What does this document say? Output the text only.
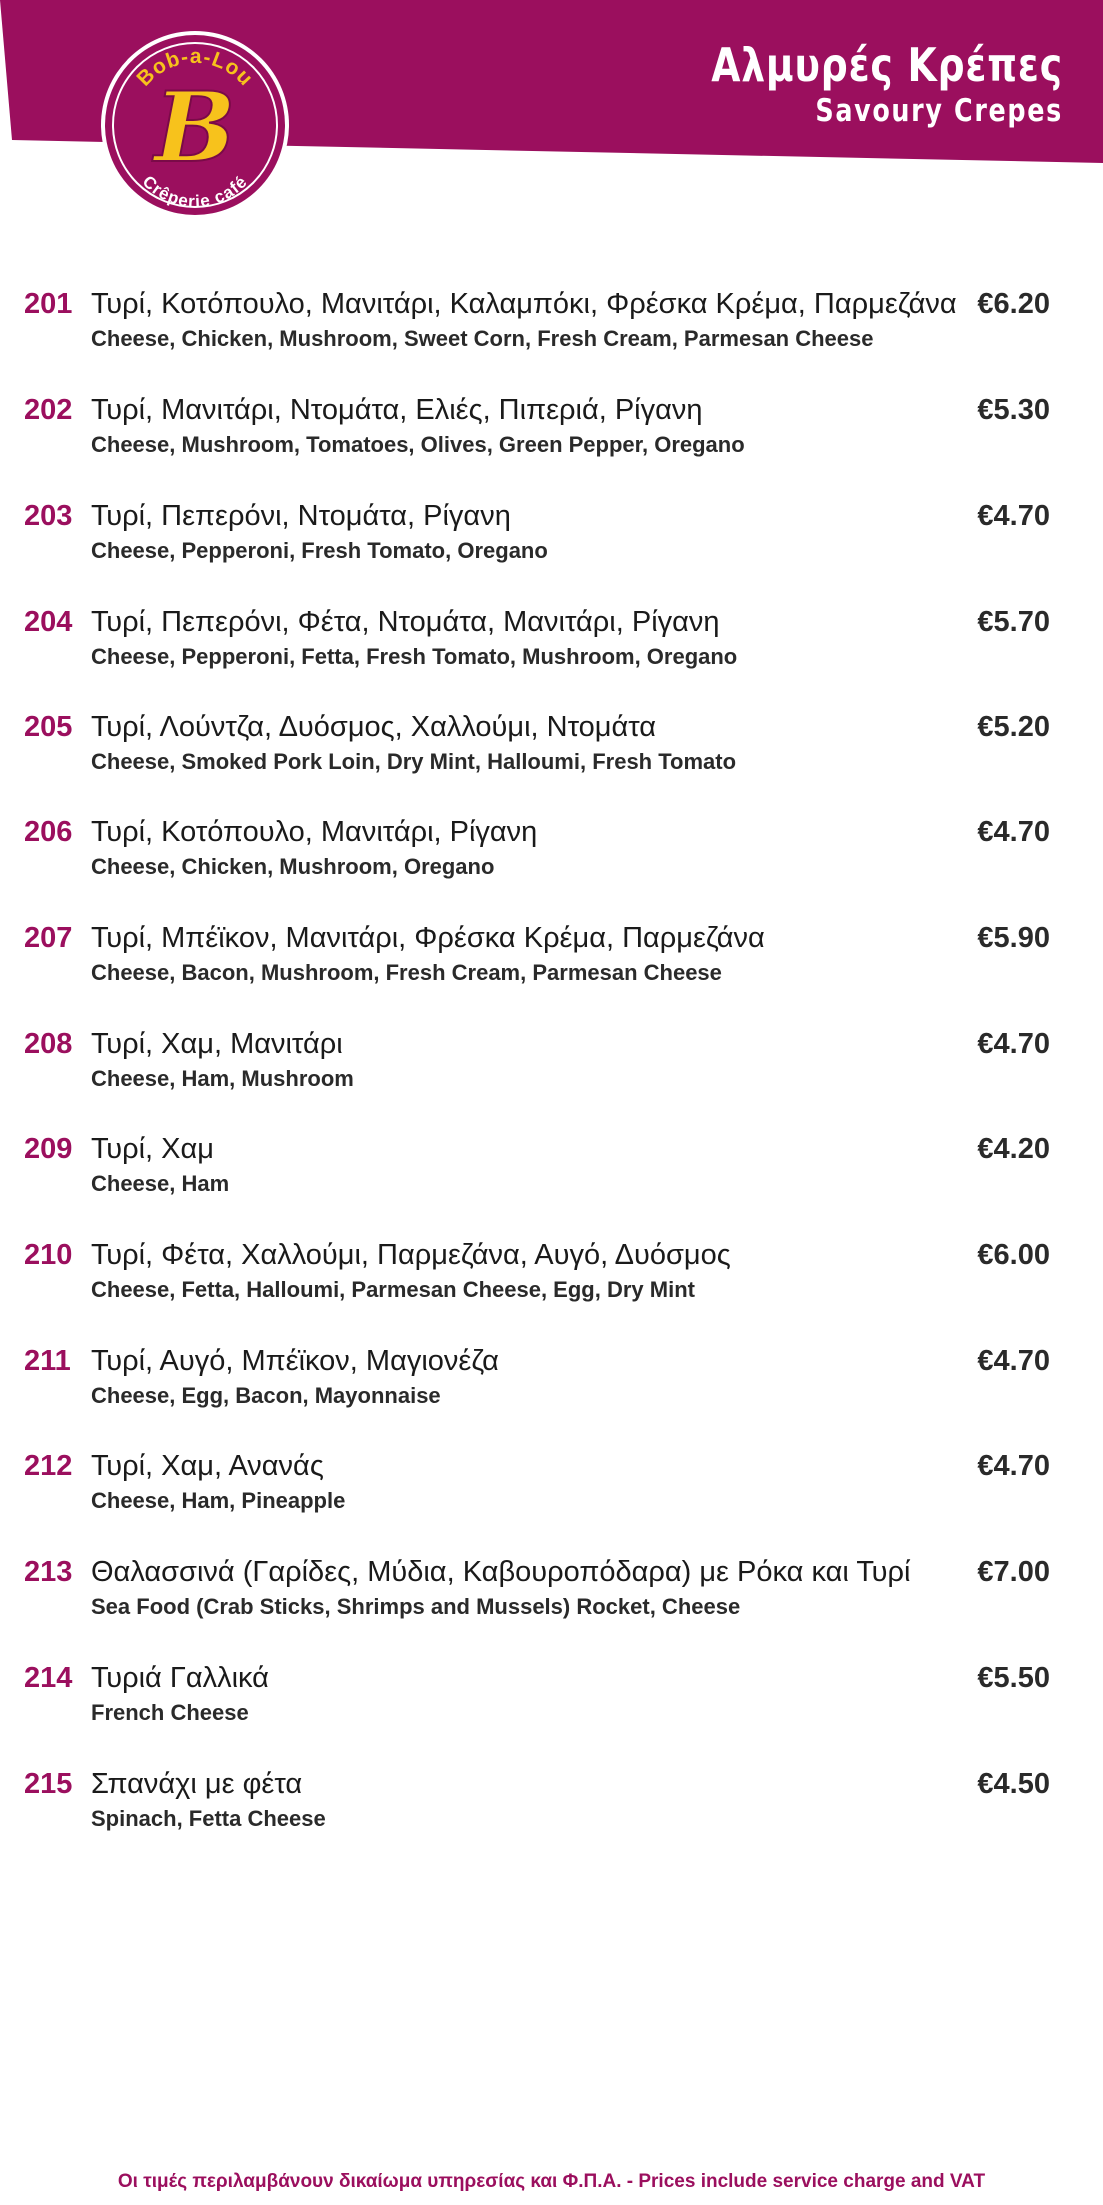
Αλμυρές Κρέπες
Savoury Crepes
Bob-a-Lou
B
Crêperie café
201 Τυρί, Κοτόπουλο, Μανιτάρι, Καλαμπόκι, Φρέσκα Κρέμα, Παρμεζάνα
Cheese, Chicken, Mushroom, Sweet Corn, Fresh Cream, Parmesan Cheese
€6.20
202 Τυρί, Μανιτάρι, Ντομάτα, Ελιές, Πιπεριά, Ρίγανη
Cheese, Mushroom, Tomatoes, Olives, Green Pepper, Oregano
€5.30
203 Τυρί, Πεπερόνι, Ντομάτα, Ρίγανη
Cheese, Pepperoni, Fresh Tomato, Oregano
€4.70
204 Τυρί, Πεπερόνι, Φέτα, Ντομάτα, Μανιτάρι, Ρίγανη
Cheese, Pepperoni, Fetta, Fresh Tomato, Mushroom, Oregano
€5.70
205 Τυρί, Λούντζα, Δυόσμος, Χαλλούμι, Ντομάτα
Cheese, Smoked Pork Loin, Dry Mint, Halloumi, Fresh Tomato
€5.20
206 Τυρί, Κοτόπουλο, Μανιτάρι, Ρίγανη
Cheese, Chicken, Mushroom, Oregano
€4.70
207 Τυρί, Μπέϊκον, Μανιτάρι, Φρέσκα Κρέμα, Παρμεζάνα
Cheese, Bacon, Mushroom, Fresh Cream, Parmesan Cheese
€5.90
208 Τυρί, Χαμ, Μανιτάρι
Cheese, Ham, Mushroom
€4.70
209 Τυρί, Χαμ
Cheese, Ham
€4.20
210 Τυρί, Φέτα, Χαλλούμι, Παρμεζάνα, Αυγό, Δυόσμος
Cheese, Fetta, Halloumi, Parmesan Cheese, Egg, Dry Mint
€6.00
211 Τυρί, Αυγό, Μπέϊκον, Μαγιονέζα
Cheese, Egg, Bacon, Mayonnaise
€4.70
212 Τυρί, Χαμ, Ανανάς
Cheese, Ham, Pineapple
€4.70
213 Θαλασσινά (Γαρίδες, Μύδια, Καβουροπόδαρα) με Ρόκα και Τυρί
Sea Food (Crab Sticks, Shrimps and Mussels) Rocket, Cheese
€7.00
214 Τυριά Γαλλικά
French Cheese
€5.50
215 Σπανάχι με φέτα
Spinach, Fetta Cheese
€4.50
Οι τιμές περιλαμβάνουν δικαίωμα υπηρεσίας και Φ.Π.Α. - Prices include service charge and VAT
